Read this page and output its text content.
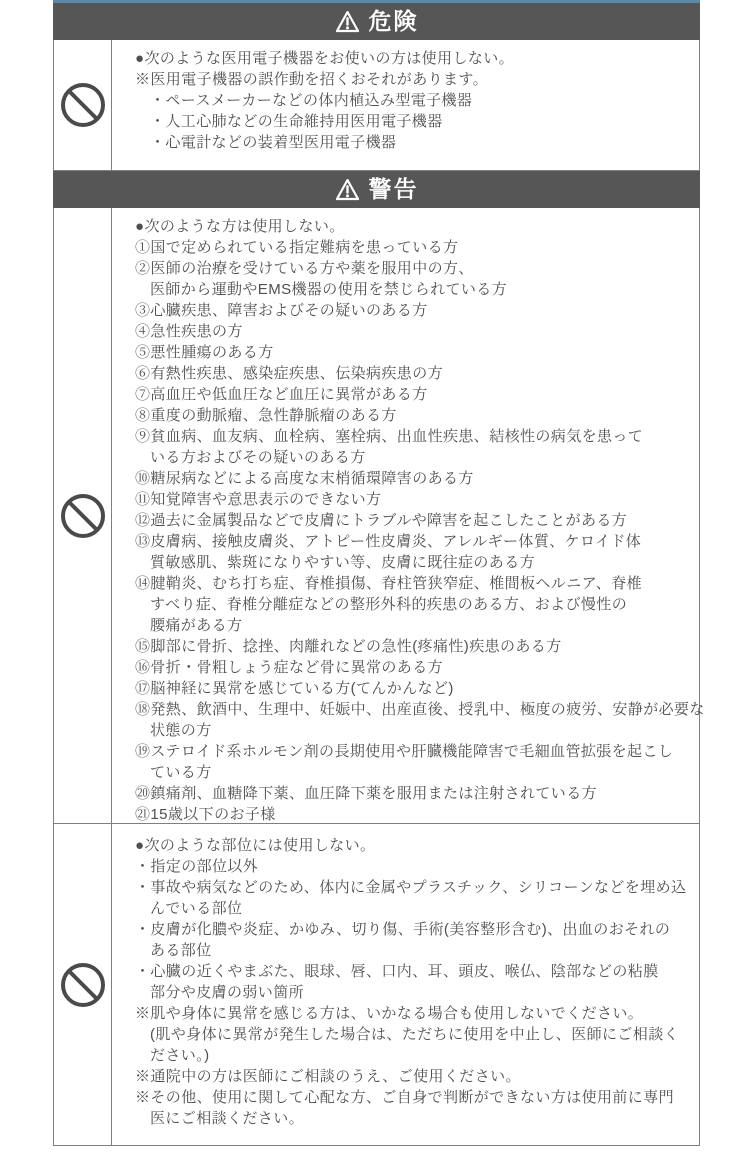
危険
●次のような医用電子機器をお使いの方は使用しない。
※医用電子機器の誤作動を招くおそれがあります。
・ペースメーカーなどの体内植込み型電子機器
・人工心肺などの生命維持用医用電子機器
・心電計などの装着型医用電子機器
警告
●次のような方は使用しない。
①国で定められている指定難病を患っている方
②医師の治療を受けている方や薬を服用中の方、
医師から運動やEMS機器の使用を禁じられている方
③心臓疾患、障害およびその疑いのある方
④急性疾患の方
⑤悪性腫瘍のある方
⑥有熱性疾患、感染症疾患、伝染病疾患の方
⑦高血圧や低血圧など血圧に異常がある方
⑧重度の動脈瘤、急性静脈瘤のある方
⑨貧血病、血友病、血栓病、塞栓病、出血性疾患、結核性の病気を患って
いる方およびその疑いのある方
⑩糖尿病などによる高度な末梢循環障害のある方
⑪知覚障害や意思表示のできない方
⑫過去に金属製品などで皮膚にトラブルや障害を起こしたことがある方
⑬皮膚病、接触皮膚炎、アトピー性皮膚炎、アレルギー体質、ケロイド体
質敏感肌、紫斑になりやすい等、皮膚に既往症のある方
⑭腱鞘炎、むち打ち症、脊椎損傷、脊柱管狭窄症、椎間板ヘルニア、脊椎
すべり症、脊椎分離症などの整形外科的疾患のある方、および慢性の
腰痛がある方
⑮脚部に骨折、捻挫、肉離れなどの急性(疼痛性)疾患のある方
⑯骨折・骨粗しょう症など骨に異常のある方
⑰脳神経に異常を感じている方(てんかんなど)
⑱発熱、飲酒中、生理中、妊娠中、出産直後、授乳中、極度の疲労、安静が必要な
状態の方
⑲ステロイド系ホルモン剤の長期使用や肝臓機能障害で毛細血管拡張を起こし
ている方
⑳鎮痛剤、血糖降下薬、血圧降下薬を服用または注射されている方
㉑15歳以下のお子様
●次のような部位には使用しない。
・指定の部位以外
・事故や病気などのため、体内に金属やプラスチック、シリコーンなどを埋め込
んでいる部位
・皮膚が化膿や炎症、かゆみ、切り傷、手術(美容整形含む)、出血のおそれの
ある部位
・心臓の近くやまぶた、眼球、唇、口内、耳、頭皮、喉仏、陰部などの粘膜
部分や皮膚の弱い箇所
※肌や身体に異常を感じる方は、いかなる場合も使用しないでください。
(肌や身体に異常が発生した場合は、ただちに使用を中止し、医師にご相談く
ださい。)
※通院中の方は医師にご相談のうえ、ご使用ください。
※その他、使用に関して心配な方、ご自身で判断ができない方は使用前に専門
医にご相談ください。
